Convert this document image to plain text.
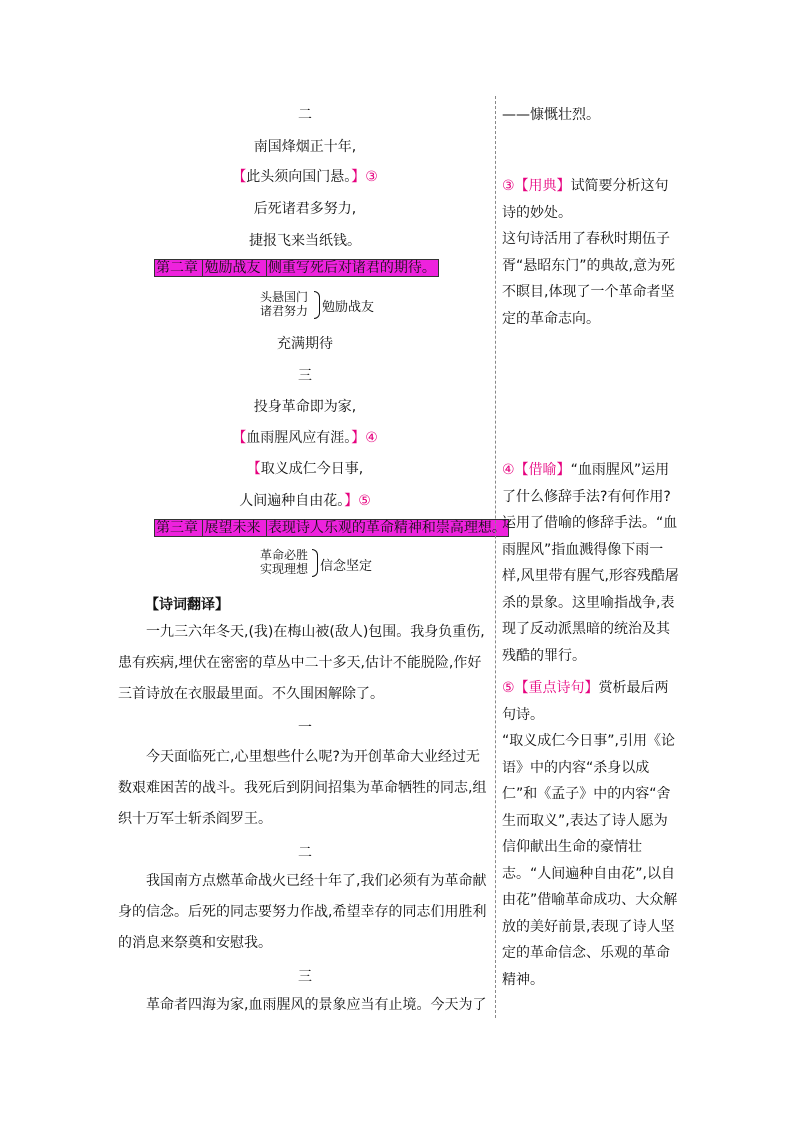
二
南国烽烟正十年,
【此头须向国门悬。】③
后死诸君多努力,
捷报飞来当纸钱。
第二章 勉励战友 侧重写死后对诸君的期待。
头悬国门
诸君努力 勉励战友
充满期待
三
投身革命即为家,
【血雨腥风应有涯。】④
【取义成仁今日事,
人间遍种自由花。】⑤
第三章 展望未来 表现诗人乐观的革命精神和崇高理想。
革命必胜
实现理想 信念坚定
【诗词翻译】
一九三六年冬天,(我)在梅山被(敌人)包围。我身负重伤,患有疾病,埋伏在密密的草丛中二十多天,估计不能脱险,作好三首诗放在衣服最里面。不久围困解除了。
一
今天面临死亡,心里想些什么呢?为开创革命大业经过无数艰难困苦的战斗。我死后到阴间招集为革命牺牲的同志,组织十万军士斩杀阎罗王。
二
我国南方点燃革命战火已经十年了,我们必须有为革命献身的信念。后死的同志要努力作战,希望幸存的同志们用胜利的消息来祭奠和安慰我。
三
革命者四海为家,血雨腥风的景象应当有止境。今天为了
——慷慨壮烈。
③【用典】试简要分析这句诗的妙处。
这句诗活用了春秋时期伍子胥“悬昭东门”的典故,意为死不瞑目,体现了一个革命者坚定的革命志向。
④【借喻】“血雨腥风”运用了什么修辞手法?有何作用?
运用了借喻的修辞手法。“血雨腥风”指血溅得像下雨一样,风里带有腥气,形容残酷屠杀的景象。这里喻指战争,表现了反动派黑暗的统治及其残酷的罪行。
⑤【重点诗句】赏析最后两句诗。
“取义成仁今日事”,引用《论语》中的内容“杀身以成仁”和《孟子》中的内容“舍生而取义”,表达了诗人愿为信仰献出生命的豪情壮志。“人间遍种自由花”,以自由花”借喻革命成功、大众解放的美好前景,表现了诗人坚定的革命信念、乐观的革命精神。
